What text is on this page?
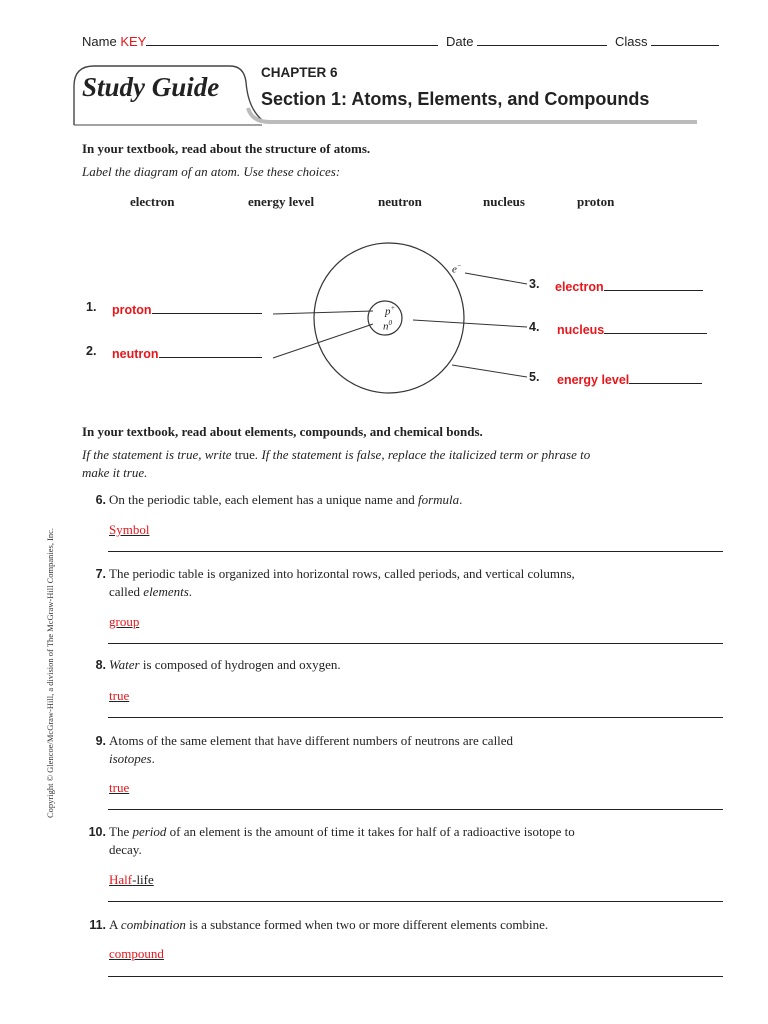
Name KEY	Date	Class
Study Guide	CHAPTER 6
Section 1: Atoms, Elements, and Compounds
In your textbook, read about the structure of atoms.
Label the diagram of an atom. Use these choices:
electron	energy level	neutron	nucleus	proton
p+
$n^0$
e−
1. proton
2. neutron
3. electron
4. nucleus
5. energy level
In your textbook, read about elements, compounds, and chemical bonds.
If the statement is true, write true. If the statement is false, replace the italicized term or phrase to make it true.
6. On the periodic table, each element has a unique name and formula.
Symbol
7. The periodic table is organized into horizontal rows, called periods, and vertical columns, called elements.
group
8. Water is composed of hydrogen and oxygen.
true
9. Atoms of the same element that have different numbers of neutrons are called isotopes.
true
10. The period of an element is the amount of time it takes for half of a radioactive isotope to decay.
Half-life
11. A combination is a substance formed when two or more different elements combine.
compound
Copyright © Glencoe/McGraw-Hill, a division of The McGraw-Hill Companies, Inc.
